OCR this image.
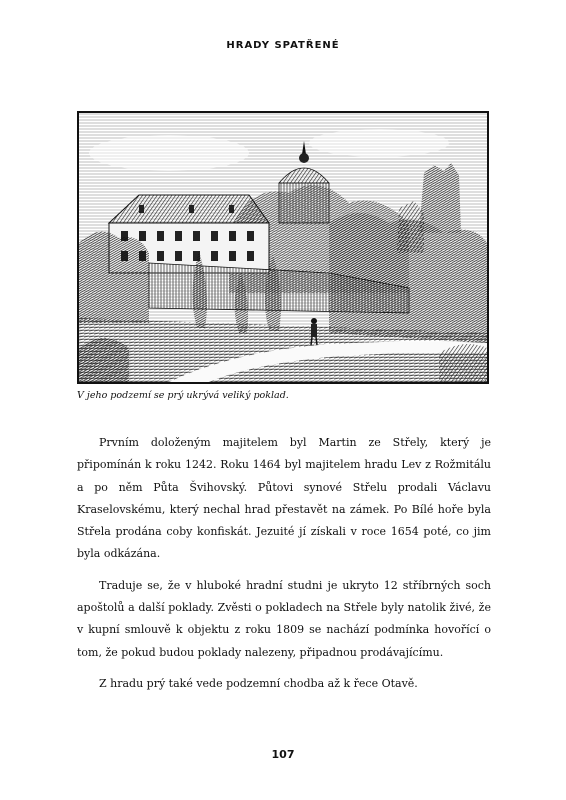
HRADY SPATŘENÉ
V jeho podzemí se prý ukrývá veliký poklad.

Prvním doloženým majitelem byl Martin ze Střely, který je připomínán k roku 1242. Roku 1464 byl majitelem hradu Lev z Rožmitálu a po něm Půta Švihovský. Půtovi synové Střelu prodali Václavu Kraselovskému, který nechal hrad přestavět na zámek. Po Bílé hoře byla Střela prodána coby konfiskát. Jezuité jí získali v roce 1654 poté, co jim byla odkázána.

Traduje se, že v hluboké hradní studni je ukryto 12 stříbrných soch apoštolů a další poklady. Zvěsti o pokladech na Střele byly natolik živé, že v kupní smlouvě k objektu z roku 1809 se nachází podmínka hovořící o tom, že pokud budou poklady nalezeny, připadnou prodávajícímu.

Z hradu prý také vede podzemní chodba až k řece Otavě.

107
